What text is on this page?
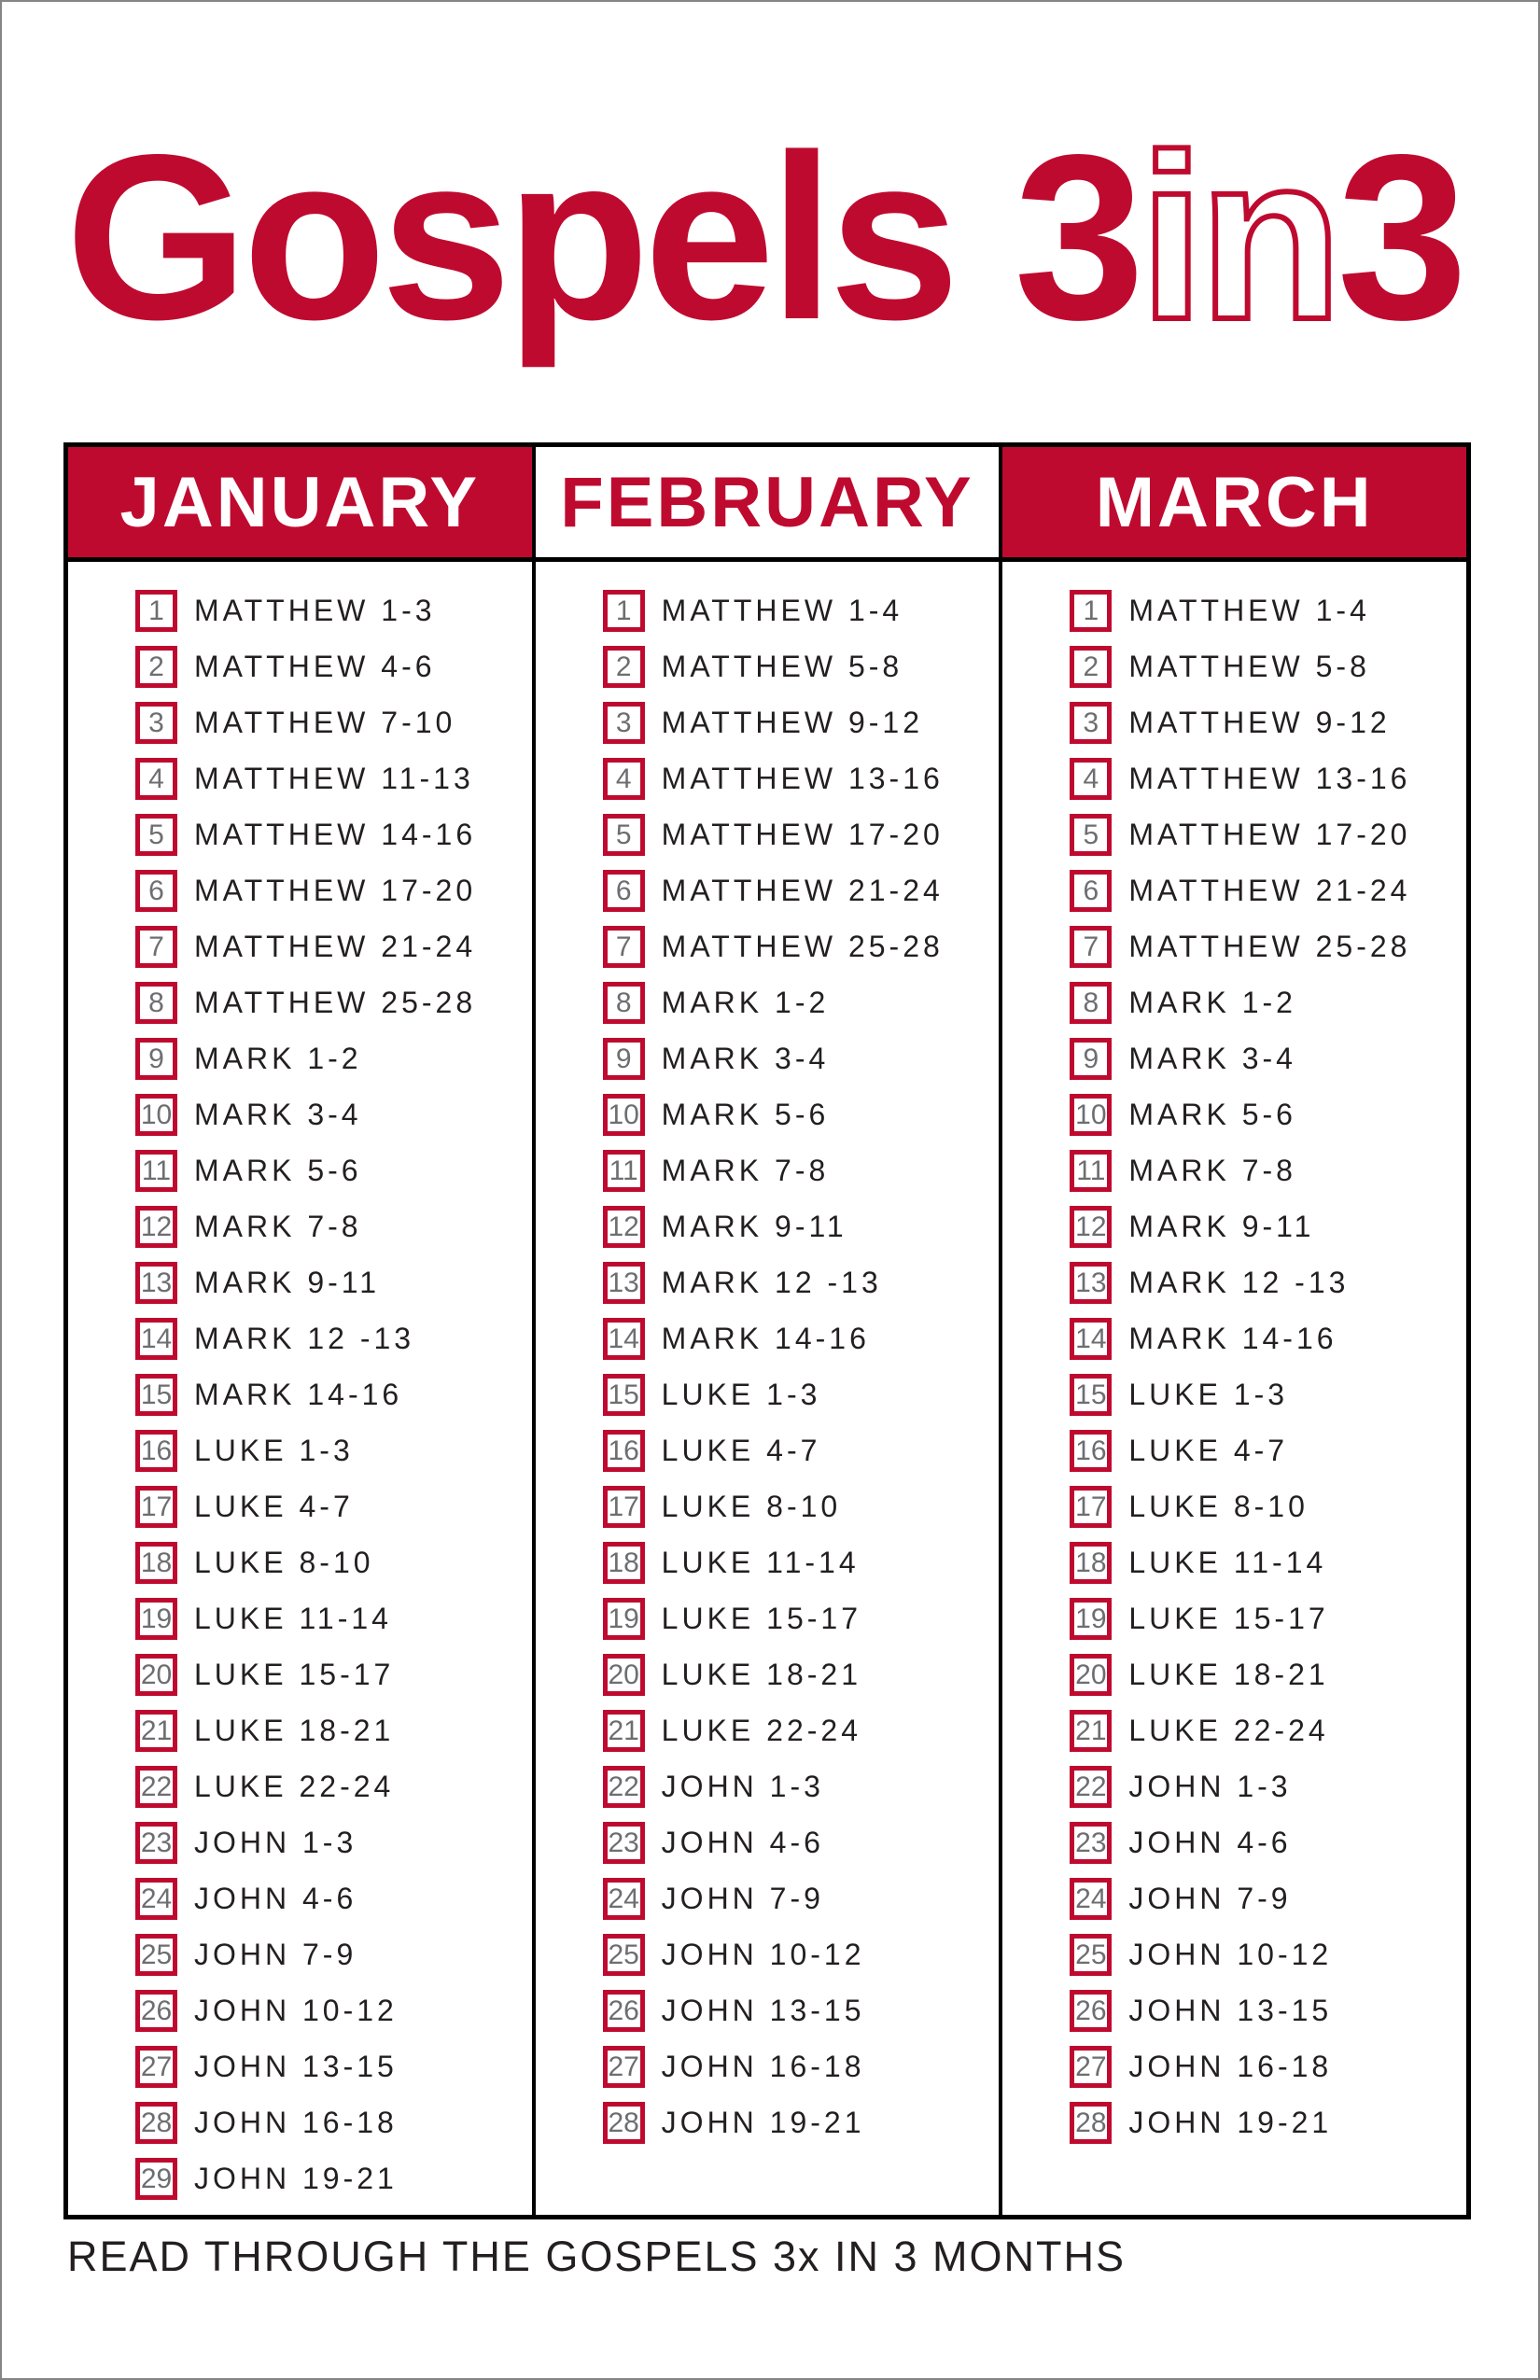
Gospels 3in3
JANUARY	FEBRUARY	MARCH
1 MATTHEW 1-3
2 MATTHEW 4-6
3 MATTHEW 7-10
4 MATTHEW 11-13
5 MATTHEW 14-16
6 MATTHEW 17-20
7 MATTHEW 21-24
8 MATTHEW 25-28
9 MARK 1-2
10 MARK 3-4
11 MARK 5-6
12 MARK 7-8
13 MARK 9-11
14 MARK 12 -13
15 MARK 14-16
16 LUKE 1-3
17 LUKE 4-7
18 LUKE 8-10
19 LUKE 11-14
20 LUKE 15-17
21 LUKE 18-21
22 LUKE 22-24
23 JOHN 1-3
24 JOHN 4-6
25 JOHN 7-9
26 JOHN 10-12
27 JOHN 13-15
28 JOHN 16-18
29 JOHN 19-21
1 MATTHEW 1-4
2 MATTHEW 5-8
3 MATTHEW 9-12
4 MATTHEW 13-16
5 MATTHEW 17-20
6 MATTHEW 21-24
7 MATTHEW 25-28
8 MARK 1-2
9 MARK 3-4
10 MARK 5-6
11 MARK 7-8
12 MARK 9-11
13 MARK 12 -13
14 MARK 14-16
15 LUKE 1-3
16 LUKE 4-7
17 LUKE 8-10
18 LUKE 11-14
19 LUKE 15-17
20 LUKE 18-21
21 LUKE 22-24
22 JOHN 1-3
23 JOHN 4-6
24 JOHN 7-9
25 JOHN 10-12
26 JOHN 13-15
27 JOHN 16-18
28 JOHN 19-21
1 MATTHEW 1-4
2 MATTHEW 5-8
3 MATTHEW 9-12
4 MATTHEW 13-16
5 MATTHEW 17-20
6 MATTHEW 21-24
7 MATTHEW 25-28
8 MARK 1-2
9 MARK 3-4
10 MARK 5-6
11 MARK 7-8
12 MARK 9-11
13 MARK 12 -13
14 MARK 14-16
15 LUKE 1-3
16 LUKE 4-7
17 LUKE 8-10
18 LUKE 11-14
19 LUKE 15-17
20 LUKE 18-21
21 LUKE 22-24
22 JOHN 1-3
23 JOHN 4-6
24 JOHN 7-9
25 JOHN 10-12
26 JOHN 13-15
27 JOHN 16-18
28 JOHN 19-21
READ THROUGH THE GOSPELS 3x IN 3 MONTHS
